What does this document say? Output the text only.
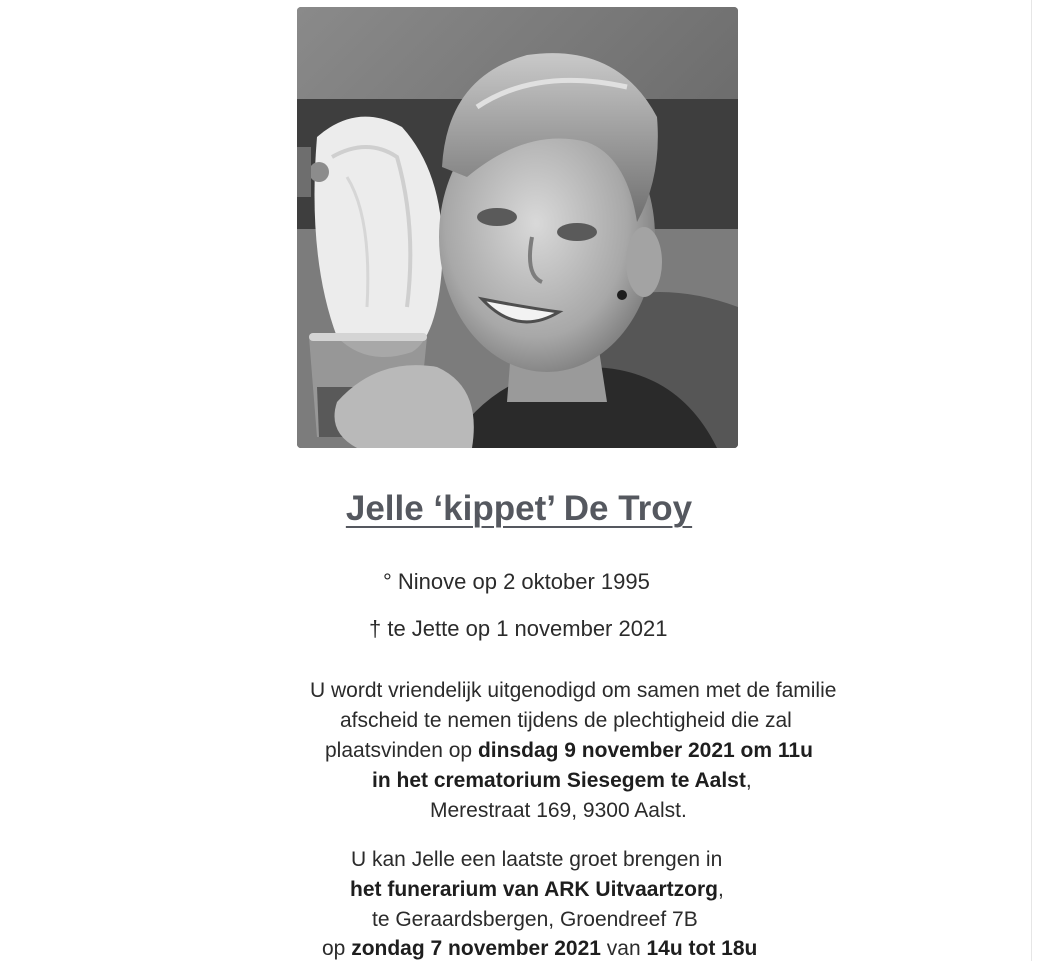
Jelle ‘kippet’ De Troy
° Ninove op 2 oktober 1995
† te Jette op 1 november 2021
U wordt vriendelijk uitgenodigd om samen met de familie
afscheid te nemen tijdens de plechtigheid die zal
plaatsvinden op dinsdag 9 november 2021 om 11u
in het crematorium Siesegem te Aalst,
Merestraat 169, 9300 Aalst.
U kan Jelle een laatste groet brengen in
het funerarium van ARK Uitvaartzorg,
te Geraardsbergen, Groendreef 7B
op zondag 7 november 2021 van 14u tot 18u
